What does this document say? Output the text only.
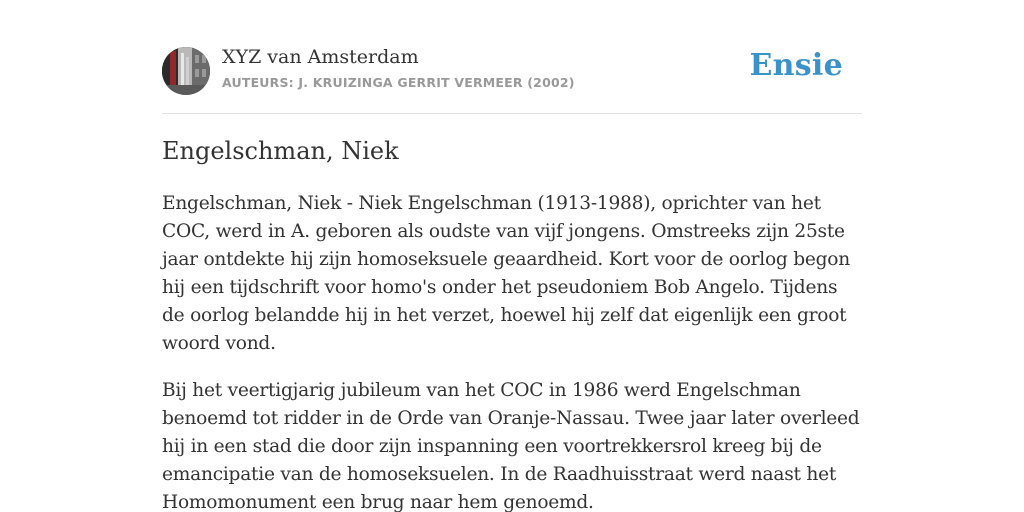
XYZ van Amsterdam
AUTEURS: J. KRUIZINGA GERRIT VERMEER (2002)	Ensie
Engelschman, Niek

Engelschman, Niek - Niek Engelschman (1913-1988), oprichter van het COC, werd in A. geboren als oudste van vijf jongens. Omstreeks zijn 25ste jaar ontdekte hij zijn homoseksuele geaardheid. Kort voor de oorlog begon hij een tijdschrift voor homo's onder het pseudoniem Bob Angelo. Tijdens de oorlog belandde hij in het verzet, hoewel hij zelf dat eigenlijk een groot woord vond.

Bij het veertigjarig jubileum van het COC in 1986 werd Engelschman benoemd tot ridder in de Orde van Oranje-Nassau. Twee jaar later overleed hij in een stad die door zijn inspanning een voortrekkersrol kreeg bij de emancipatie van de homoseksuelen. In de Raadhuisstraat werd naast het Homomonument een brug naar hem genoemd.
